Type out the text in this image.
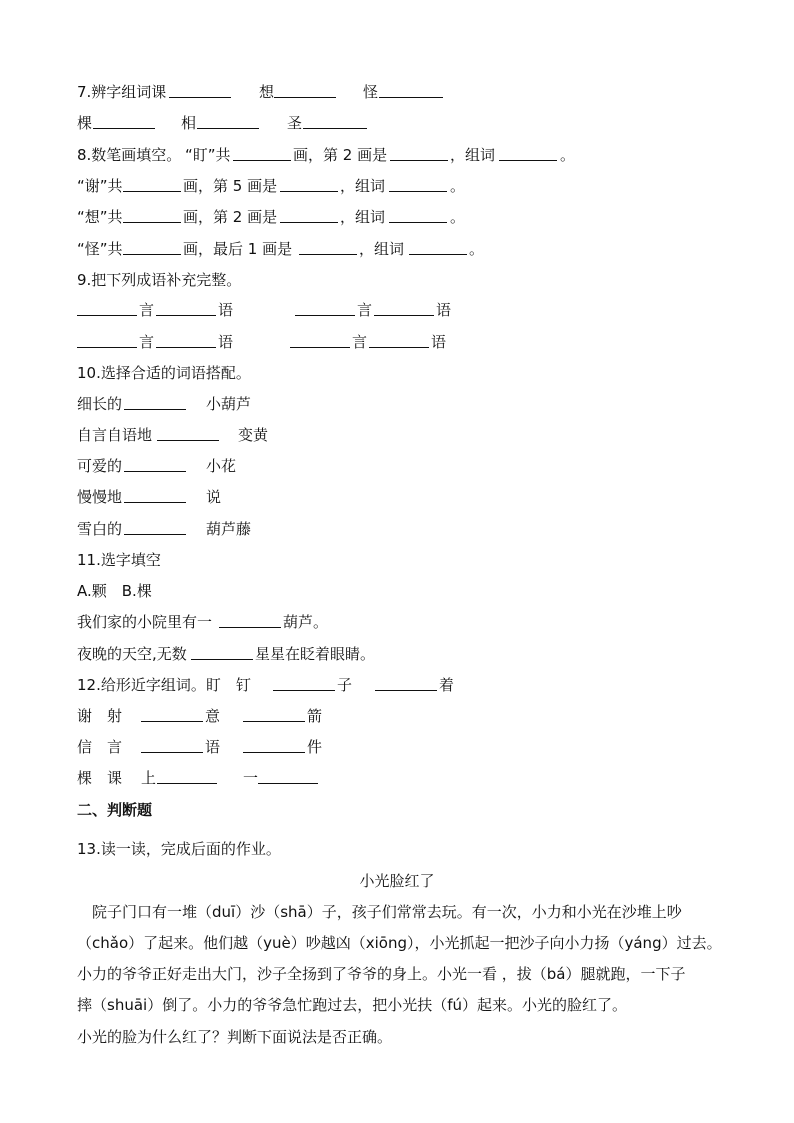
7.辨字组词课	想	怪
棵	相	圣
8.数笔画填空。 “盯”共	画，第 2 画是	，组词	。
“谢”共	画，第 5 画是	，组词	。
“想”共	画，第 2 画是	，组词	。
“怪”共	画，最后 1 画是	，组词	。
9.把下列成语补充完整。
言	语	言	语
言	语	言	语
10.选择合适的词语搭配。
细长的	小葫芦
自言自语地	变黄
可爱的	小花
慢慢地	说
雪白的	葫芦藤
11.选字填空
A.颗　B.棵
我们家的小院里有一	葫芦。
夜晚的天空,无数	星星在眨着眼睛。
12.给形近字组词。盯　钉	子	着
谢　射	意	箭
信　言	语	件
棵　课 上	一
二、判断题
13.读一读，完成后面的作业。
小光脸红了
　院子门口有一堆（duī）沙（shā）子，孩子们常常去玩。有一次，小力和小光在沙堆上吵
（chǎo）了起来。他们越（yuè）吵越凶（xiōng），小光抓起一把沙子向小力扬（yáng）过去。
小力的爷爷正好走出大门，沙子全扬到了爷爷的身上。小光一看 ，拔（bá）腿就跑，一下子
摔（shuāi）倒了。小力的爷爷急忙跑过去，把小光扶（fú）起来。小光的脸红了。
小光的脸为什么红了？判断下面说法是否正确。
